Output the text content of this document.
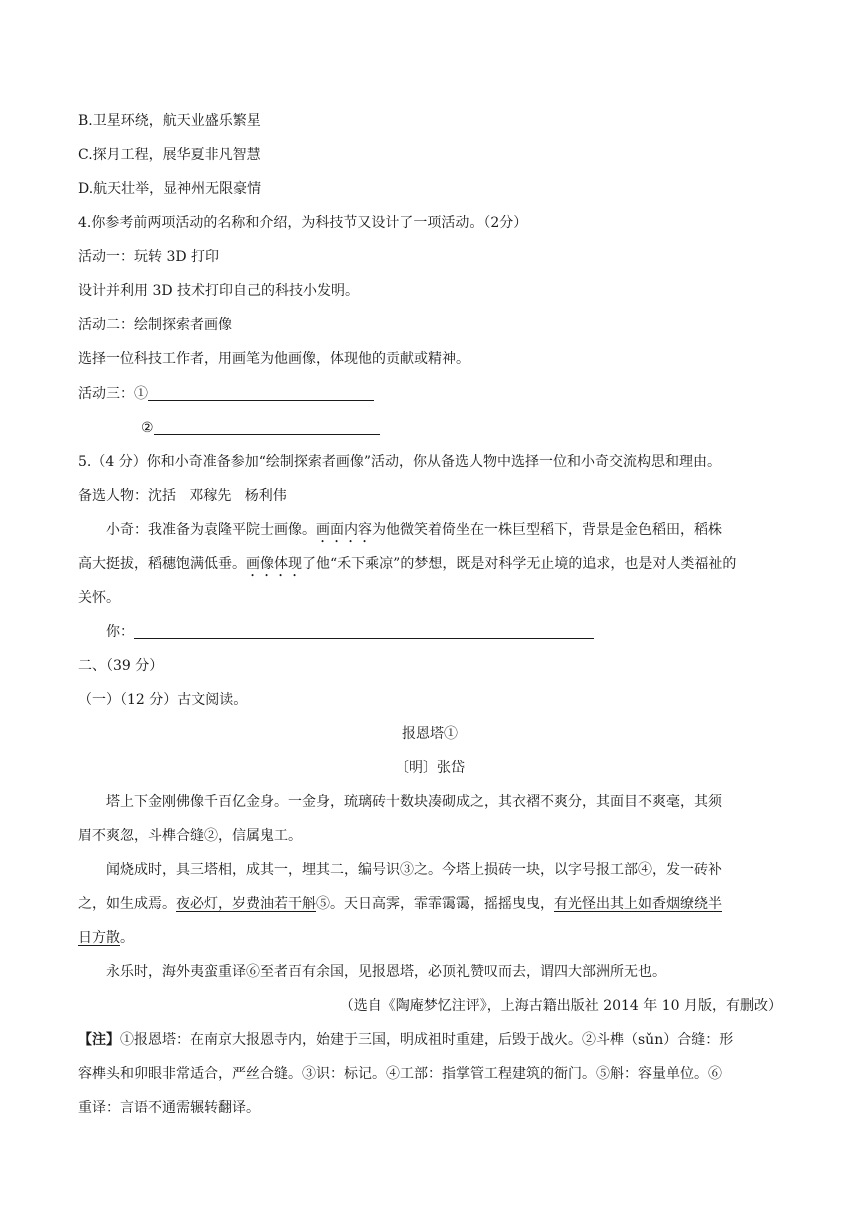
B.卫星环绕，航天业盛乐繁星
C.探月工程，展华夏非凡智慧
D.航天壮举，显神州无限豪情
4.你参考前两项活动的名称和介绍，为科技节又设计了一项活动。（2分）
活动一：玩转 3D 打印
设计并利用 3D 技术打印自己的科技小发明。
活动二：绘制探索者画像
选择一位科技工作者，用画笔为他画像，体现他的贡献或精神。
活动三：①
②
5.（4 分）你和小奇准备参加“绘制探索者画像”活动，你从备选人物中选择一位和小奇交流构思和理由。
备选人物：沈括   邓稼先   杨利伟
小奇：我准备为袁隆平院士画像。画面内容为他微笑着倚坐在一株巨型稻下，背景是金色稻田，稻株
高大挺拔，稻穗饱满低垂。画像体现了他“禾下乘凉”的梦想，既是对科学无止境的追求，也是对人类福祉的
关怀。
你：
二、（39 分）
（一）（12 分）古文阅读。
报恩塔①
〔明〕张岱
塔上下金刚佛像千百亿金身。一金身，琉璃砖十数块凑砌成之，其衣褶不爽分，其面目不爽毫，其须
眉不爽忽，斗榫合缝②，信属鬼工。
闻烧成时，具三塔相，成其一，埋其二，编号识③之。今塔上损砖一块，以字号报工部④，发一砖补
之，如生成焉。夜必灯，岁费油若干斛⑤。天日高霁，霏霏霭霭，摇摇曳曳，有光怪出其上如香烟缭绕半
日方散。
永乐时，海外夷蛮重译⑥至者百有余国，见报恩塔，必顶礼赞叹而去，谓四大部洲所无也。
（选自《陶庵梦忆注评》，上海古籍出版社 2014 年 10 月版，有删改）
【注】①报恩塔：在南京大报恩寺内，始建于三国，明成祖时重建，后毁于战火。②斗榫（sǔn）合缝：形
容榫头和卯眼非常适合，严丝合缝。③识：标记。④工部：指掌管工程建筑的衙门。⑤斛：容量单位。⑥
重译：言语不通需辗转翻译。
